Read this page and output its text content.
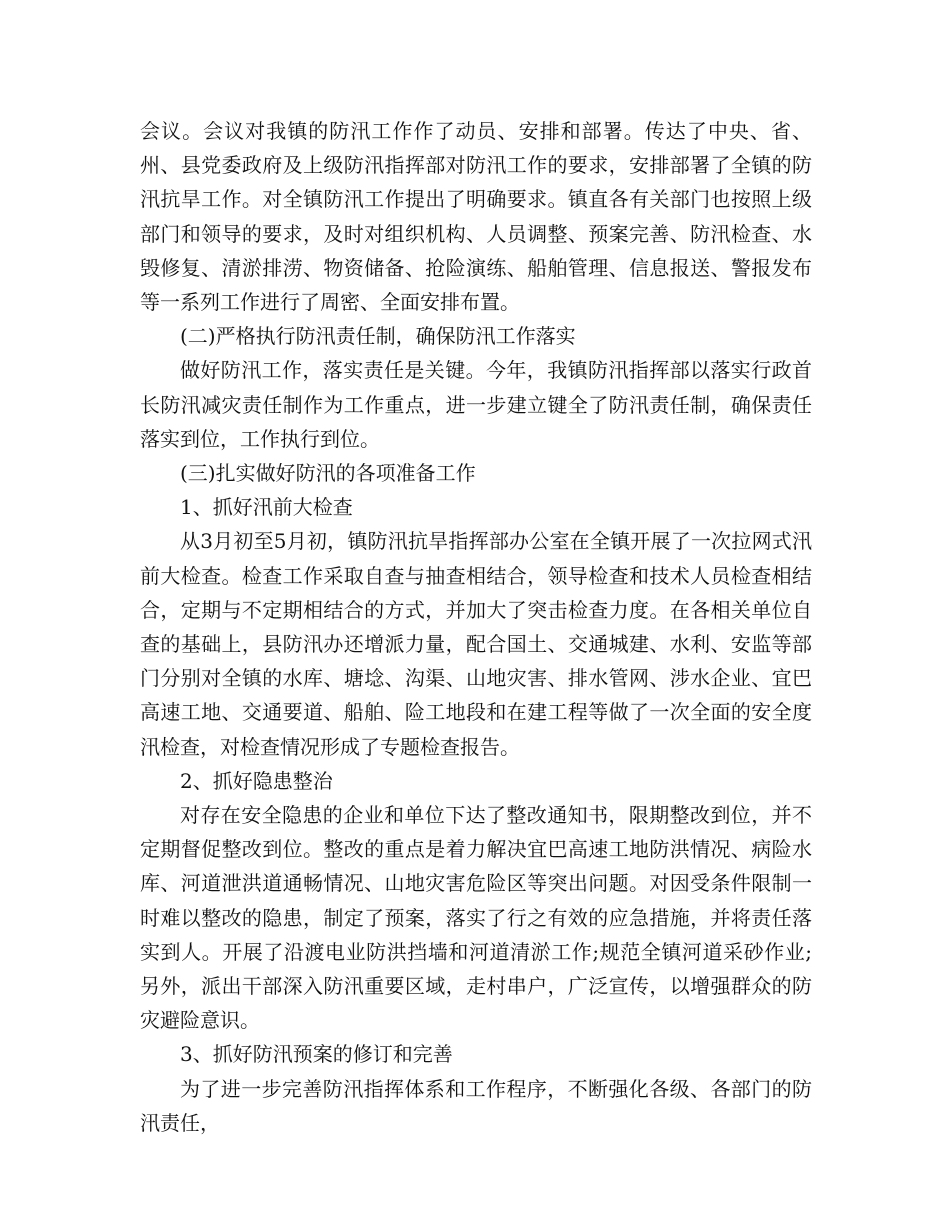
会议。会议对我镇的防汛工作作了动员、安排和部署。传达了中央、省、州、县党委政府及上级防汛指挥部对防汛工作的要求，安排部署了全镇的防汛抗旱工作。对全镇防汛工作提出了明确要求。镇直各有关部门也按照上级部门和领导的要求，及时对组织机构、人员调整、预案完善、防汛检查、水毁修复、清淤排涝、物资储备、抢险演练、船舶管理、信息报送、警报发布等一系列工作进行了周密、全面安排布置。

(二)严格执行防汛责任制，确保防汛工作落实

做好防汛工作，落实责任是关键。今年，我镇防汛指挥部以落实行政首长防汛减灾责任制作为工作重点，进一步建立键全了防汛责任制，确保责任落实到位，工作执行到位。

(三)扎实做好防汛的各项准备工作

1、抓好汛前大检查

从3月初至5月初，镇防汛抗旱指挥部办公室在全镇开展了一次拉网式汛前大检查。检查工作采取自查与抽查相结合，领导检查和技术人员检查相结合，定期与不定期相结合的方式，并加大了突击检查力度。在各相关单位自查的基础上，县防汛办还增派力量，配合国土、交通城建、水利、安监等部门分别对全镇的水库、塘埝、沟渠、山地灾害、排水管网、涉水企业、宜巴高速工地、交通要道、船舶、险工地段和在建工程等做了一次全面的安全度汛检查，对检查情况形成了专题检查报告。

2、抓好隐患整治

对存在安全隐患的企业和单位下达了整改通知书，限期整改到位，并不定期督促整改到位。整改的重点是着力解决宜巴高速工地防洪情况、病险水库、河道泄洪道通畅情况、山地灾害危险区等突出问题。对因受条件限制一时难以整改的隐患，制定了预案，落实了行之有效的应急措施，并将责任落实到人。开展了沿渡电业防洪挡墙和河道清淤工作;规范全镇河道采砂作业;另外，派出干部深入防汛重要区域，走村串户，广泛宣传，以增强群众的防灾避险意识。

3、抓好防汛预案的修订和完善

为了进一步完善防汛指挥体系和工作程序，不断强化各级、各部门的防汛责任，
